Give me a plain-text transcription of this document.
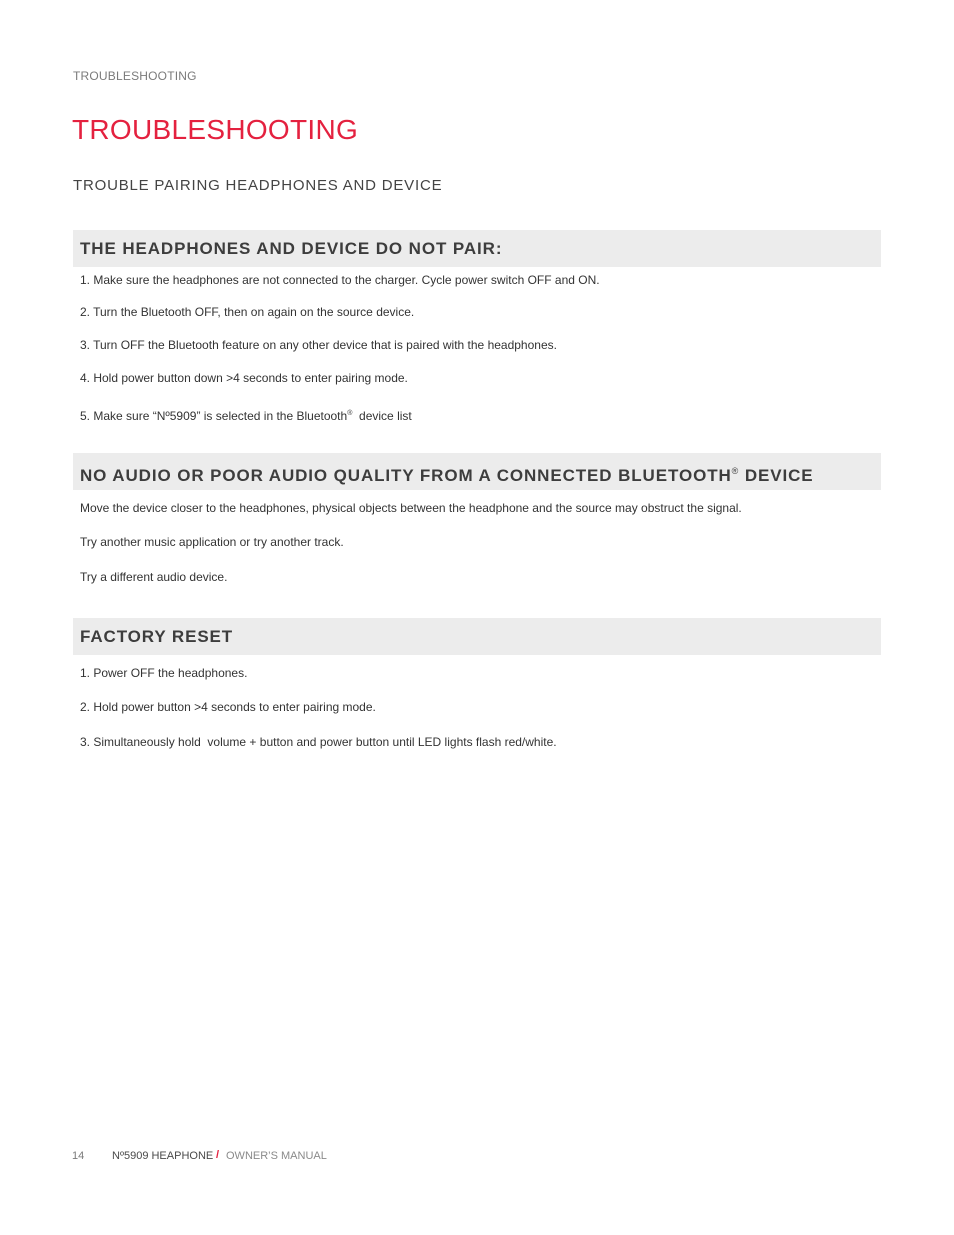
TROUBLESHOOTING
TROUBLESHOOTING
TROUBLE PAIRING HEADPHONES AND DEVICE
THE HEADPHONES AND DEVICE DO NOT PAIR:

1. Make sure the headphones are not connected to the charger. Cycle power switch OFF and ON.

2. Turn the Bluetooth OFF, then on again on the source device.

3. Turn OFF the Bluetooth feature on any other device that is paired with the headphones.

4. Hold power button down >4 seconds to enter pairing mode.

5. Make sure “Nº5909” is selected in the Bluetooth®  device list

NO AUDIO OR POOR AUDIO QUALITY FROM A CONNECTED BLUETOOTH® DEVICE

Move the device closer to the headphones, physical objects between the headphone and the source may obstruct the signal.

Try another music application or try another track.

Try a different audio device.

FACTORY RESET

1. Power OFF the headphones.

2. Hold power button >4 seconds to enter pairing mode.

3. Simultaneously hold  volume + button and power button until LED lights flash red/white.

14	Nº5909 HEAPHONE / OWNER’S MANUAL
